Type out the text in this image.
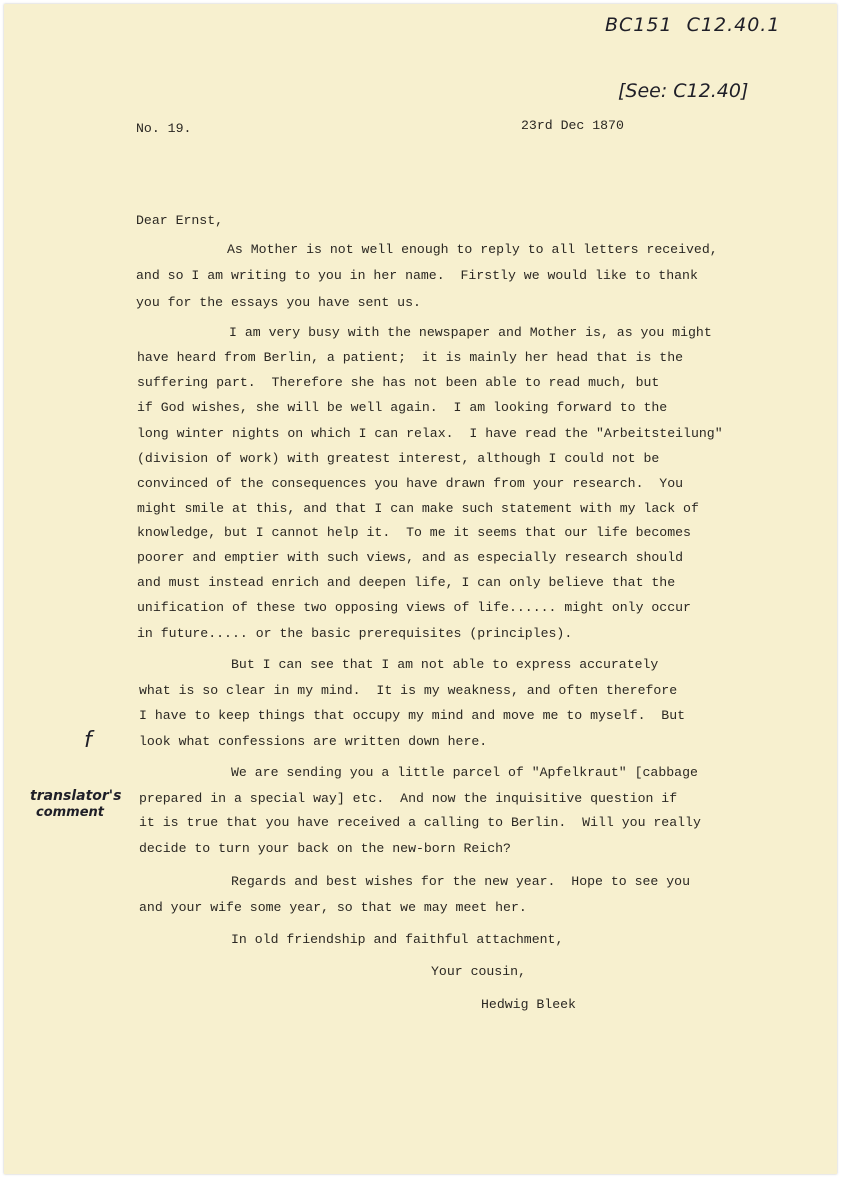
BC151  C12.40.1
[See: C12.40]
f
translator's
comment
No. 19.	23rd Dec 1870
Dear Ernst,
As Mother is not well enough to reply to all letters received,
and so I am writing to you in her name.  Firstly we would like to thank
you for the essays you have sent us.
I am very busy with the newspaper and Mother is, as you might
have heard from Berlin, a patient;  it is mainly her head that is the
suffering part.  Therefore she has not been able to read much, but
if God wishes, she will be well again.  I am looking forward to the
long winter nights on which I can relax.  I have read the "Arbeitsteilung"
(division of work) with greatest interest, although I could not be
convinced of the consequences you have drawn from your research.  You
might smile at this, and that I can make such statement with my lack of
knowledge, but I cannot help it.  To me it seems that our life becomes
poorer and emptier with such views, and as especially research should
and must instead enrich and deepen life, I can only believe that the
unification of these two opposing views of life...... might only occur
in future..... or the basic prerequisites (principles).
But I can see that I am not able to express accurately
what is so clear in my mind.  It is my weakness, and often therefore
I have to keep things that occupy my mind and move me to myself.  But
look what confessions are written down here.
We are sending you a little parcel of "Apfelkraut" [cabbage
prepared in a special way] etc.  And now the inquisitive question if
it is true that you have received a calling to Berlin.  Will you really
decide to turn your back on the new-born Reich?
Regards and best wishes for the new year.  Hope to see you
and your wife some year, so that we may meet her.
In old friendship and faithful attachment,
Your cousin,
Hedwig Bleek
